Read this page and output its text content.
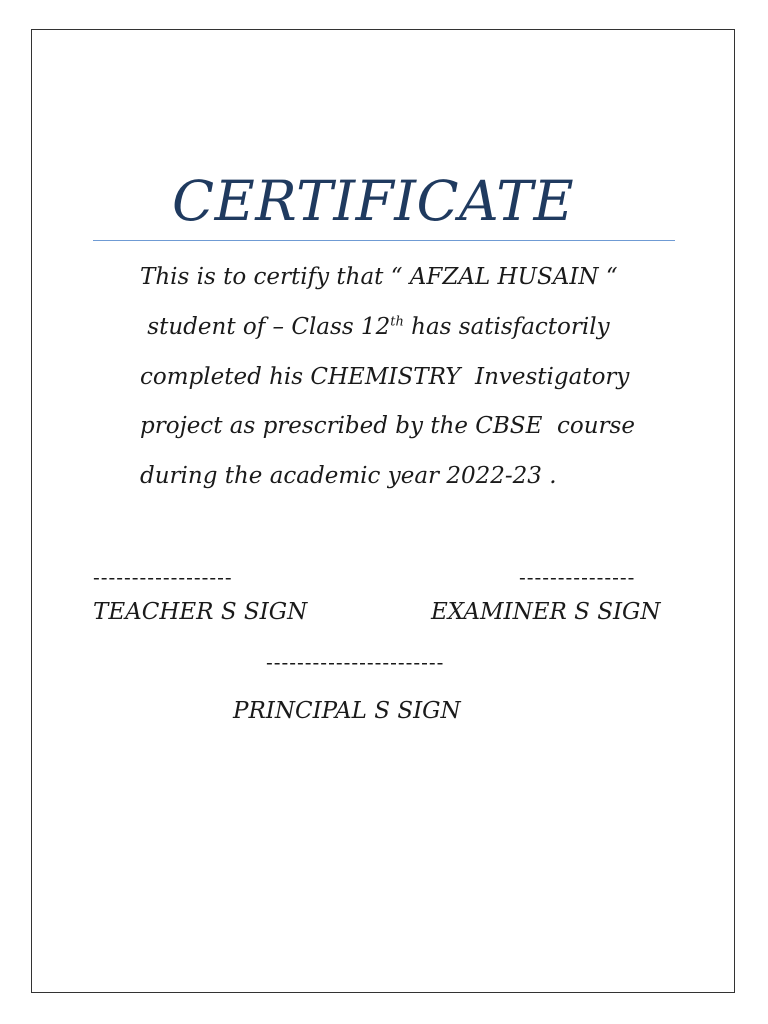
CERTIFICATE
This is to certify that “ AFZAL HUSAIN “
student of – Class 12th has satisfactorily
completed his CHEMISTRY  Investigatory
project as prescribed by the CBSE  course
during the academic year 2022-23 .
------------------	---------------
TEACHER S SIGN	EXAMINER S SIGN
-----------------------
PRINCIPAL S SIGN
